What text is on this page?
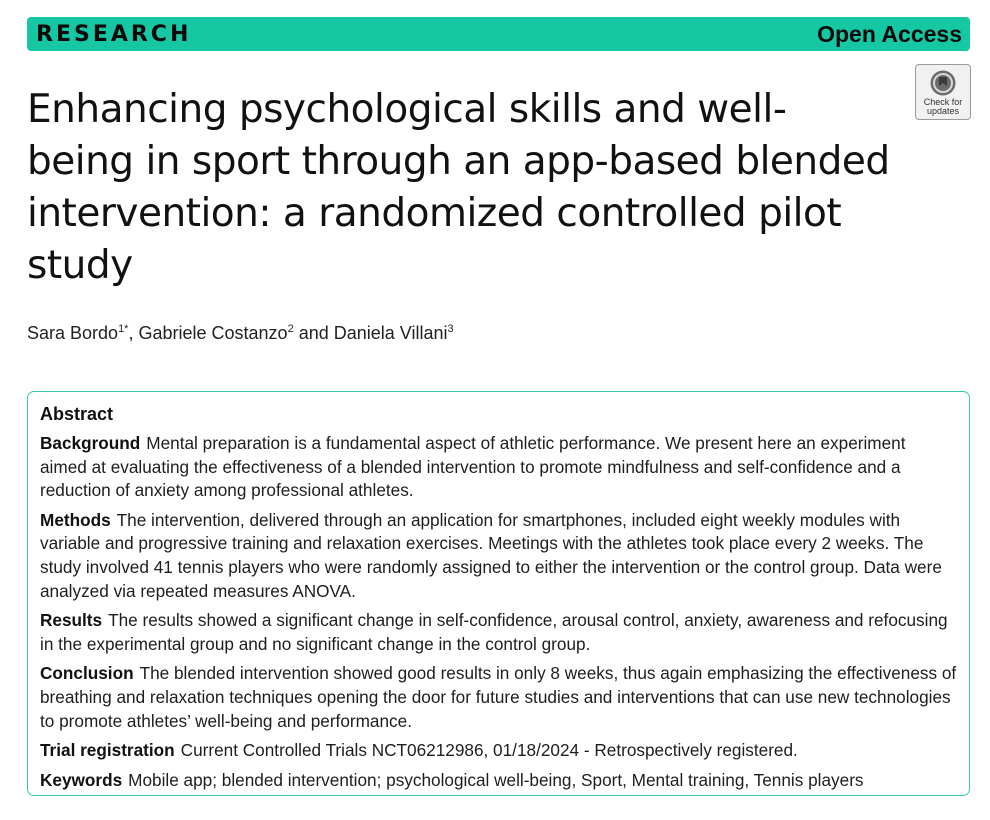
RESEARCH	Open Access
Check for
updates
Enhancing psychological skills and well-
being in sport through an app-based blended
intervention: a randomized controlled pilot
study
Sara Bordo$^{1*}$, Gabriele Costanzo$^2$ and Daniela Villani$^3$
Abstract

Background Mental preparation is a fundamental aspect of athletic performance. We present here an experiment aimed at evaluating the effectiveness of a blended intervention to promote mindfulness and self-confidence and a reduction of anxiety among professional athletes.

Methods The intervention, delivered through an application for smartphones, included eight weekly modules with variable and progressive training and relaxation exercises. Meetings with the athletes took place every 2 weeks. The study involved 41 tennis players who were randomly assigned to either the intervention or the control group. Data were analyzed via repeated measures ANOVA.

Results The results showed a significant change in self-confidence, arousal control, anxiety, awareness and refocusing in the experimental group and no significant change in the control group.

Conclusion The blended intervention showed good results in only 8 weeks, thus again emphasizing the effectiveness of breathing and relaxation techniques opening the door for future studies and interventions that can use new technologies to promote athletes’ well-being and performance.

Trial registration Current Controlled Trials NCT06212986, 01/18/2024 - Retrospectively registered.

Keywords Mobile app; blended intervention; psychological well-being, Sport, Mental training, Tennis players
